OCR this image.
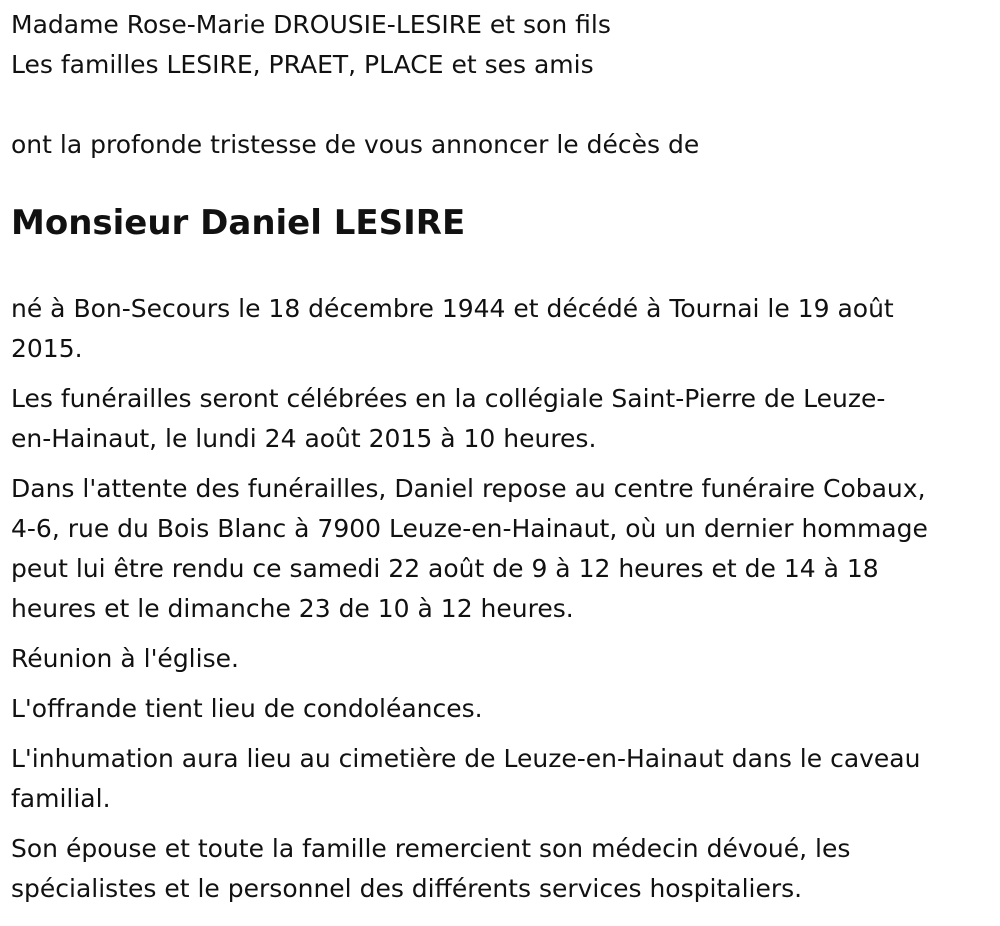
Madame Rose-Marie DROUSIE-LESIRE et son fils
Les familles LESIRE, PRAET, PLACE et ses amis
ont la profonde tristesse de vous annoncer le décès de
Monsieur Daniel LESIRE
né à Bon-Secours le 18 décembre 1944 et décédé à Tournai le 19 août
2015.
Les funérailles seront célébrées en la collégiale Saint-Pierre de Leuze-
en-Hainaut, le lundi 24 août 2015 à 10 heures.
Dans l'attente des funérailles, Daniel repose au centre funéraire Cobaux,
4-6, rue du Bois Blanc à 7900 Leuze-en-Hainaut, où un dernier hommage
peut lui être rendu ce samedi 22 août de 9 à 12 heures et de 14 à 18
heures et le dimanche 23 de 10 à 12 heures.
Réunion à l'église.
L'offrande tient lieu de condoléances.
L'inhumation aura lieu au cimetière de Leuze-en-Hainaut dans le caveau
familial.
Son épouse et toute la famille remercient son médecin dévoué, les
spécialistes et le personnel des différents services hospitaliers.
